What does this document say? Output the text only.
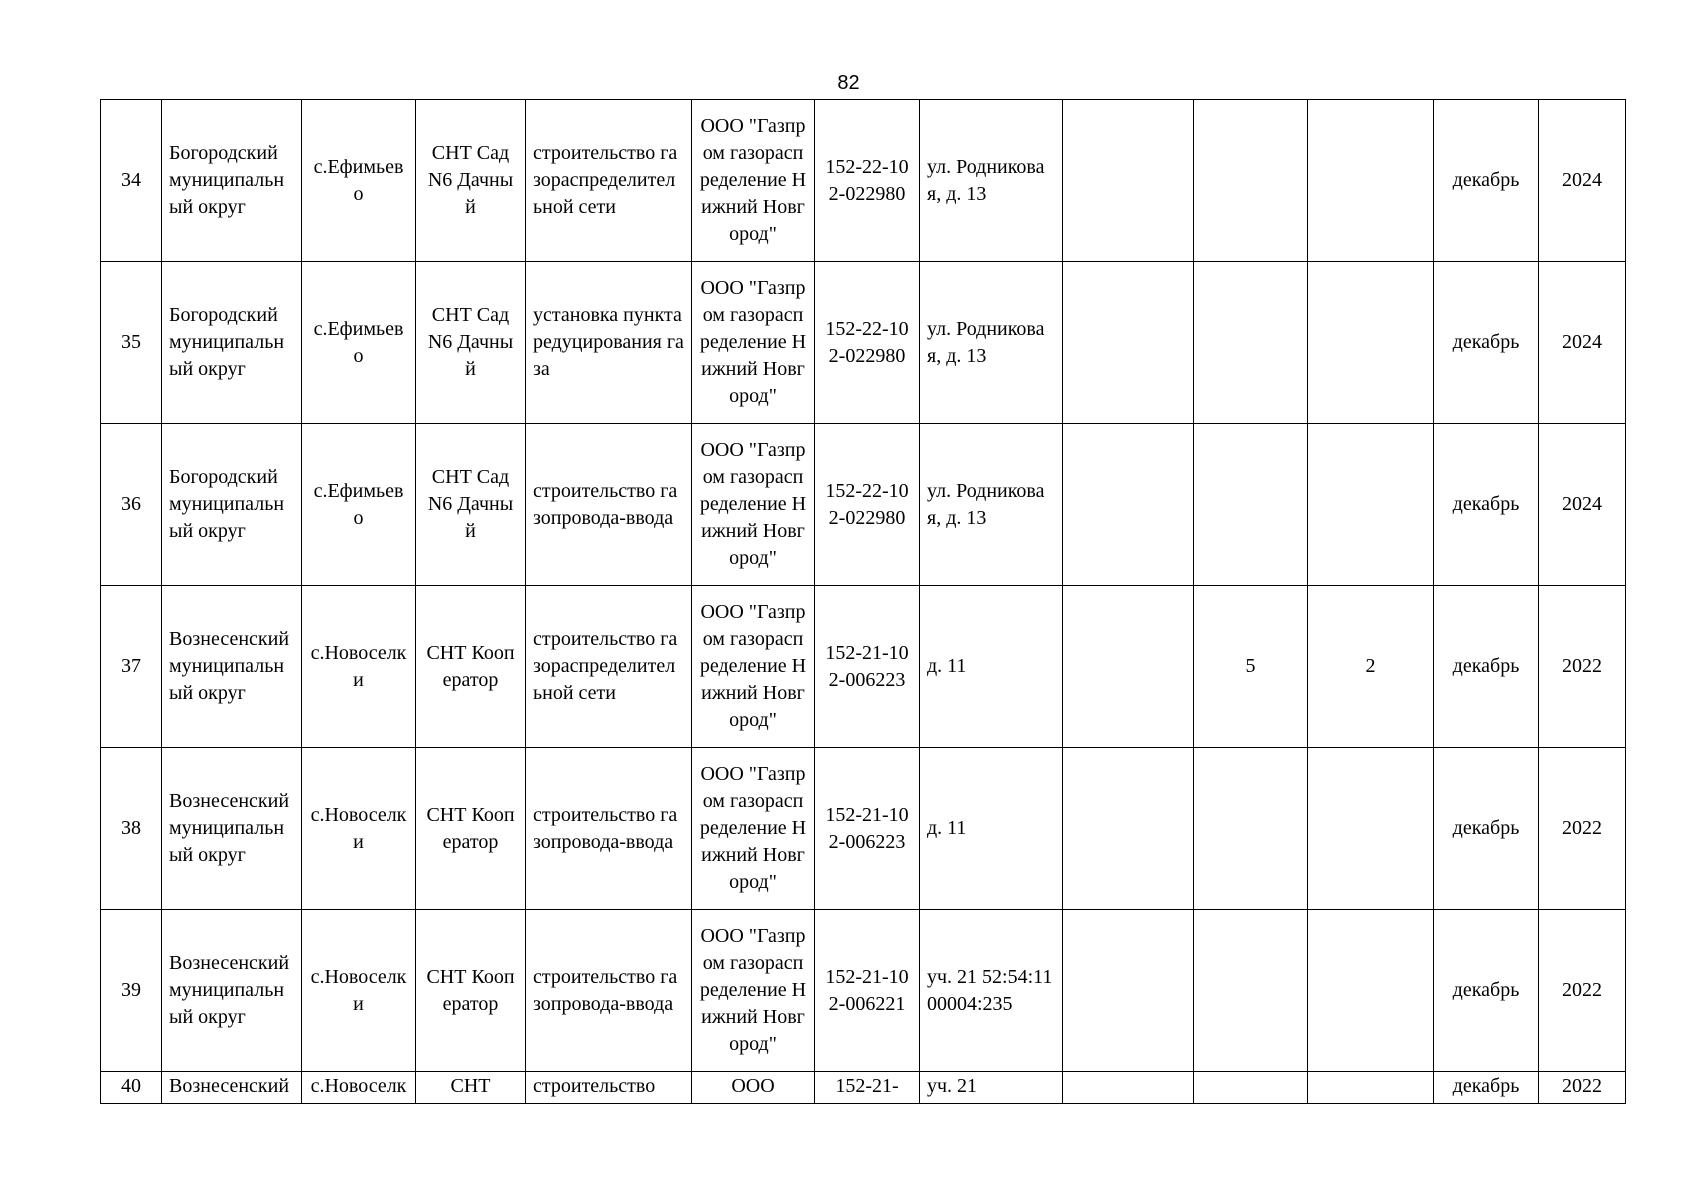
82
34	Богородский муниципальный округ	с.Ефимьево	СНТ Сад N6 Дачный	строительство газораспределительной сети	ООО "Газпром газораспределение Нижний Новгород"	152-22-102-022980	ул. Родниковая, д. 13				декабрь	2024
35	Богородский муниципальный округ	с.Ефимьево	СНТ Сад N6 Дачный	установка пункта редуцирования газа	ООО "Газпром газораспределение Нижний Новгород"	152-22-102-022980	ул. Родниковая, д. 13				декабрь	2024
36	Богородский муниципальный округ	с.Ефимьево	СНТ Сад N6 Дачный	строительство газопровода-ввода	ООО "Газпром газораспределение Нижний Новгород"	152-22-102-022980	ул. Родниковая, д. 13				декабрь	2024
37	Вознесенский муниципальный округ	с.Новоселки	СНТ Кооператор	строительство газораспределительной сети	ООО "Газпром газораспределение Нижний Новгород"	152-21-102-006223	д. 11		5	2	декабрь	2022
38	Вознесенский муниципальный округ	с.Новоселки	СНТ Кооператор	строительство газопровода-ввода	ООО "Газпром газораспределение Нижний Новгород"	152-21-102-006223	д. 11				декабрь	2022
39	Вознесенский муниципальный округ	с.Новоселки	СНТ Кооператор	строительство газопровода-ввода	ООО "Газпром газораспределение Нижний Новгород"	152-21-102-006221	уч. 21 52:54:1100004:235				декабрь	2022
40	Вознесенский	с.Новоселк	СНТ	строительство	ООО	152-21-	уч. 21				декабрь	2022
